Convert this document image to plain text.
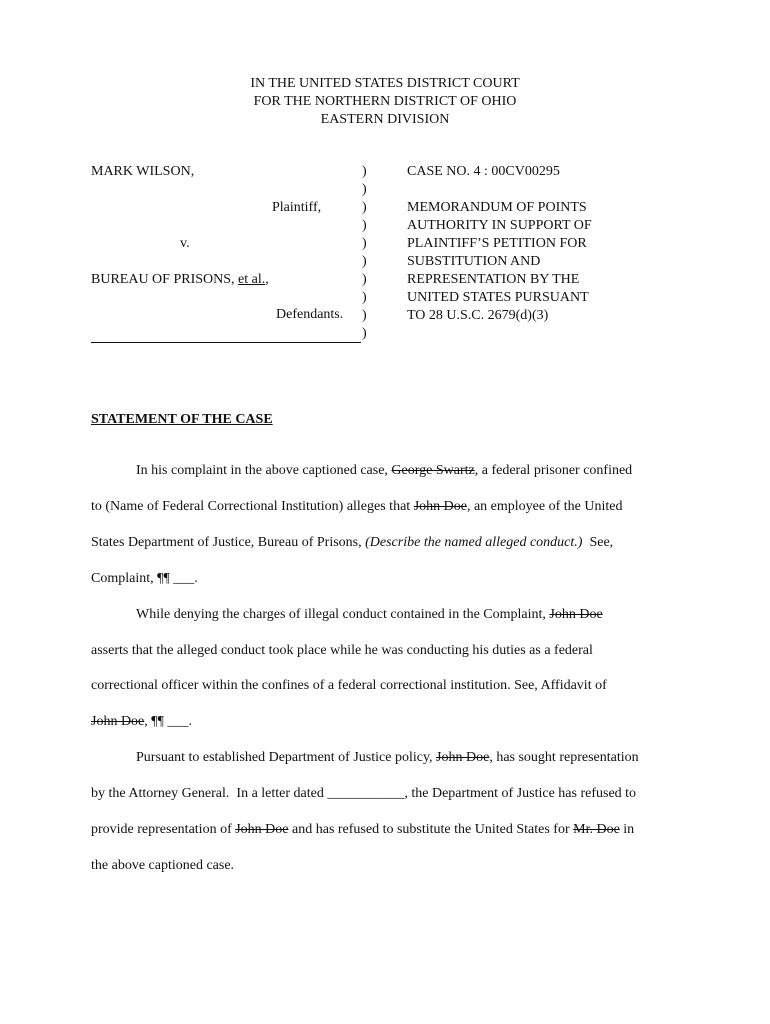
IN THE UNITED STATES DISTRICT COURT
FOR THE NORTHERN DISTRICT OF OHIO
EASTERN DIVISION
MARK WILSON,
Plaintiff,
v.
BUREAU OF PRISONS, et al.,
Defendants.
)
)
)
)
)
)
)
)
)
)
CASE NO. 4 : 00CV00295
MEMORANDUM OF POINTS
AUTHORITY IN SUPPORT OF
PLAINTIFF’S PETITION FOR
SUBSTITUTION AND
REPRESENTATION BY THE
UNITED STATES PURSUANT
TO 28 U.S.C. 2679(d)(3)
STATEMENT OF THE CASE
In his complaint in the above captioned case, George Swartz, a federal prisoner confined
to (Name of Federal Correctional Institution) alleges that John Doe, an employee of the United
States Department of Justice, Bureau of Prisons, (Describe the named alleged conduct.)  See,
Complaint, ¶¶ ___.
While denying the charges of illegal conduct contained in the Complaint, John Doe
asserts that the alleged conduct took place while he was conducting his duties as a federal
correctional officer within the confines of a federal correctional institution. See, Affidavit of
John Doe, ¶¶ ___.
Pursuant to established Department of Justice policy, John Doe, has sought representation
by the Attorney General.  In a letter dated ___________, the Department of Justice has refused to
provide representation of John Doe and has refused to substitute the United States for Mr. Doe in
the above captioned case.
